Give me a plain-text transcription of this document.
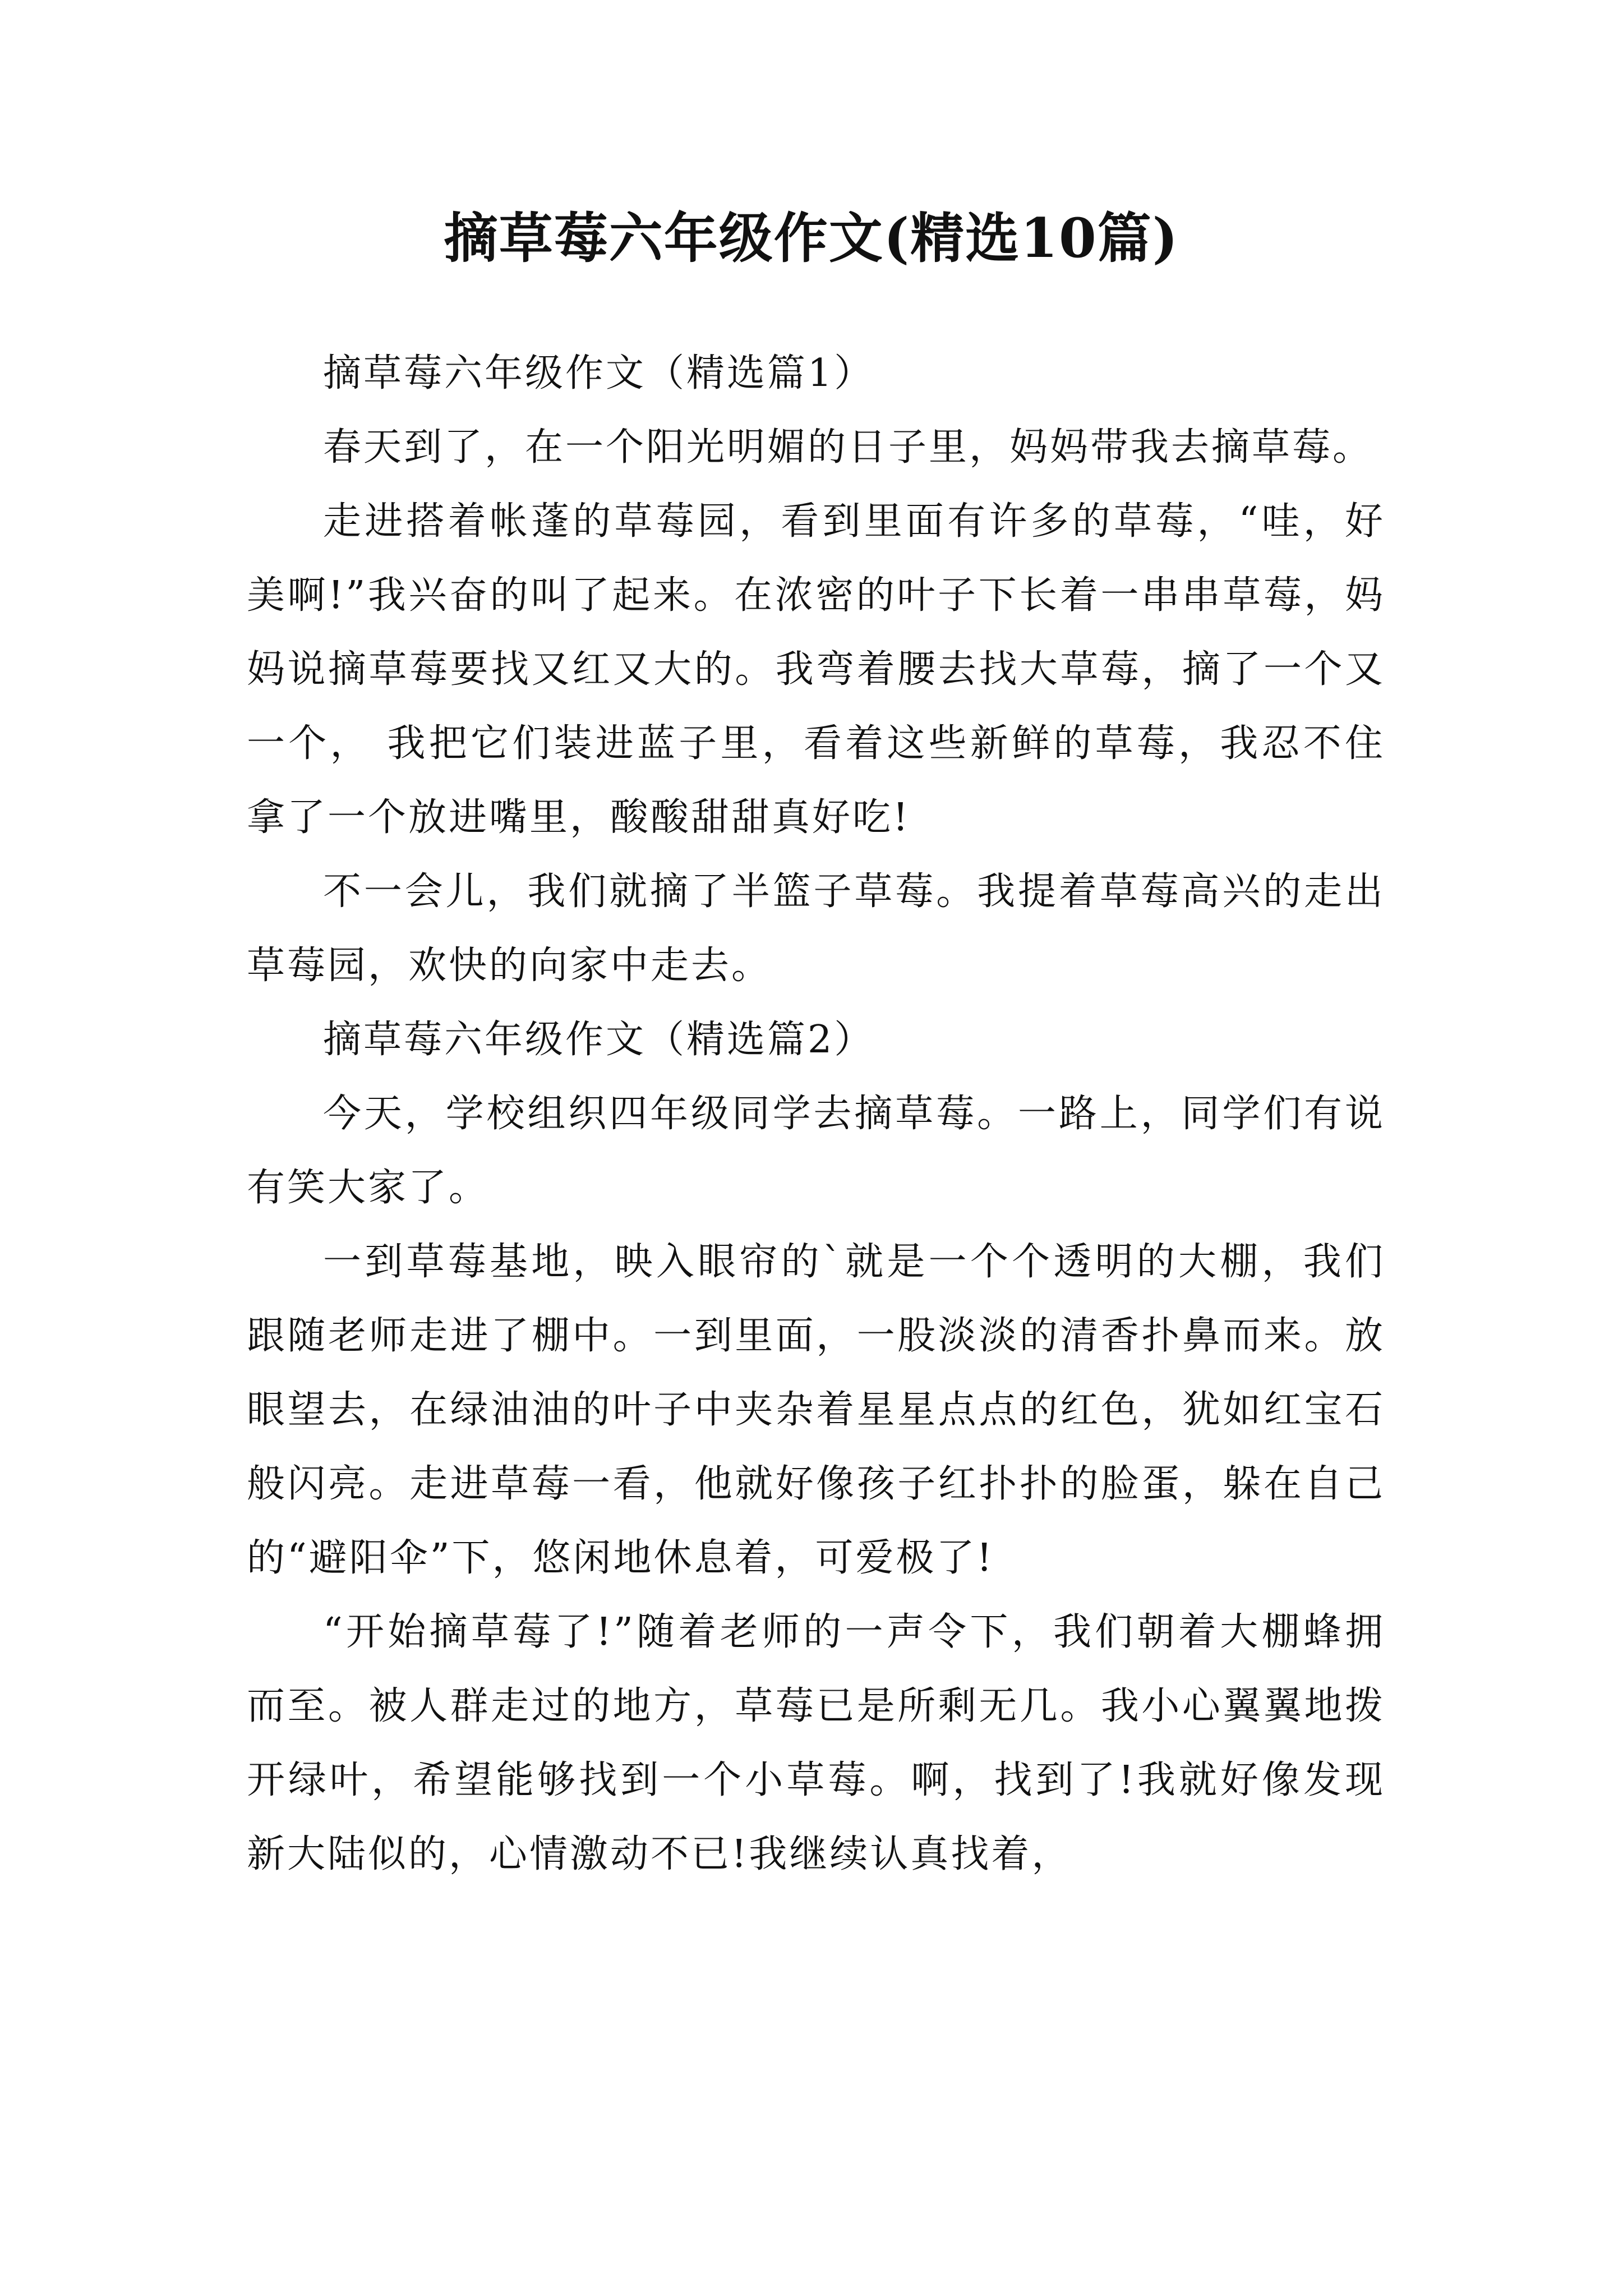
摘草莓六年级作文(精选10篇)

摘草莓六年级作文（精选篇1）

春天到了，在一个阳光明媚的日子里，妈妈带我去摘草莓。

走进搭着帐蓬的草莓园，看到里面有许多的草莓，“哇，好美啊!”我兴奋的叫了起来。在浓密的叶子下长着一串串草莓，妈妈说摘草莓要找又红又大的。我弯着腰去找大草莓，摘了一个又一个， 我把它们装进蓝子里，看着这些新鲜的草莓，我忍不住拿了一个放进嘴里，酸酸甜甜真好吃!

不一会儿，我们就摘了半篮子草莓。我提着草莓高兴的走出草莓园，欢快的向家中走去。

摘草莓六年级作文（精选篇2）

今天，学校组织四年级同学去摘草莓。一路上，同学们有说有笑大家了。

一到草莓基地，映入眼帘的`就是一个个透明的大棚，我们跟随老师走进了棚中。一到里面，一股淡淡的清香扑鼻而来。放眼望去，在绿油油的叶子中夹杂着星星点点的红色，犹如红宝石般闪亮。走进草莓一看，他就好像孩子红扑扑的脸蛋，躲在自己的“避阳伞”下，悠闲地休息着，可爱极了!

“开始摘草莓了!”随着老师的一声令下，我们朝着大棚蜂拥而至。被人群走过的地方，草莓已是所剩无几。我小心翼翼地拨开绿叶，希望能够找到一个小草莓。啊，找到了!我就好像发现新大陆似的，心情激动不已!我继续认真找着，
